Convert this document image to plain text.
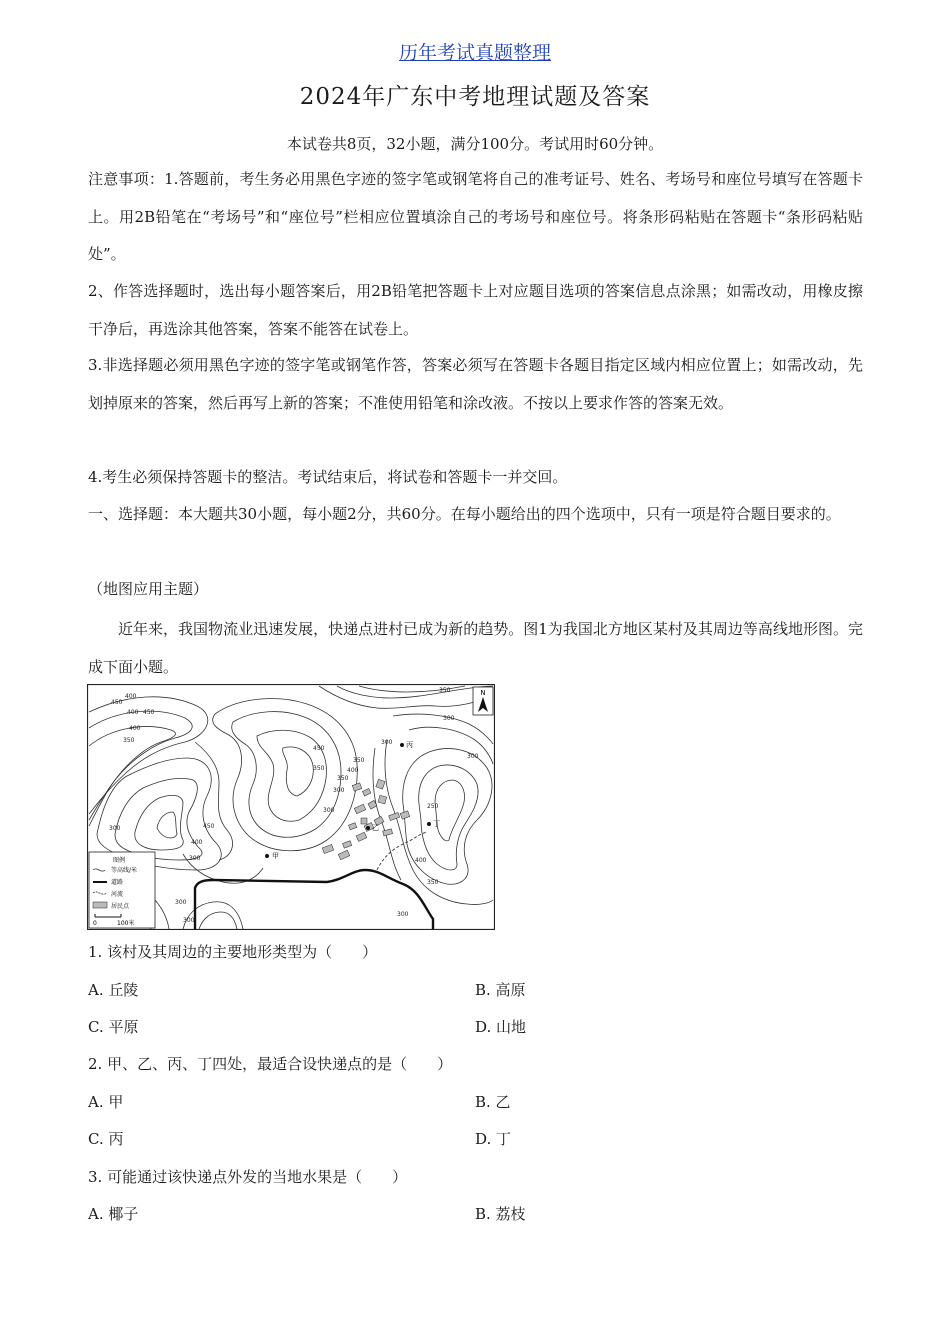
历年考试真题整理
2024年广东中考地理试题及答案
本试卷共8页，32小题，满分100分。考试用时60分钟。
注意事项：1.答题前，考生务必用黑色字迹的签字笔或钢笔将自己的准考证号、姓名、考场号和座位号填写在答题卡上。用2B铅笔在“考场号”和“座位号”栏相应位置填涂自己的考场号和座位号。将条形码粘贴在答题卡“条形码粘贴处”。
2、作答选择题时，选出每小题答案后，用2B铅笔把答题卡上对应题目选项的答案信息点涂黑；如需改动，用橡皮擦干净后，再选涂其他答案，答案不能答在试卷上。
3.非选择题必须用黑色字迹的签字笔或钢笔作答，答案必须写在答题卡各题目指定区域内相应位置上；如需改动，先划掉原来的答案，然后再写上新的答案；不准使用铅笔和涂改液。不按以上要求作答的答案无效。
4.考生必须保持答题卡的整洁。考试结束后，将试卷和答题卡一并交回。
一、选择题：本大题共30小题，每小题2分，共60分。在每小题给出的四个选项中，只有一项是符合题目要求的。
（地图应用主题）
近年来，我国物流业迅速发展，快递点进村已成为新的趋势。图1为我国北方地区某村及其周边等高线地形图。完成下面小题。
N
甲
乙
丙
丁
400
450
400 450
400
350
300
300
450
400
350
300
400
350
300
450
350
300
350
300
250
300
400
350
300
300
300
图例
等高线/米
道路
河流
居民点
0	100米
1. 该村及其周边的主要地形类型为（　　）
A. 丘陵	B. 高原
C. 平原	D. 山地
2. 甲、乙、丙、丁四处，最适合设快递点的是（　　）
A. 甲	B. 乙
C. 丙	D. 丁
3. 可能通过该快递点外发的当地水果是（　　）
A. 椰子	B. 荔枝
